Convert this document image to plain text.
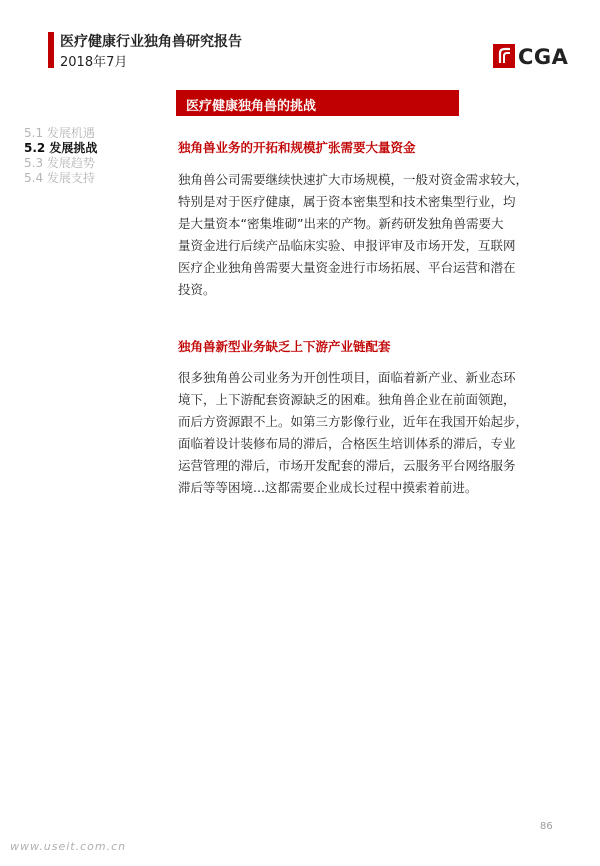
医疗健康行业独角兽研究报告
2018年7月	CGA
5.1 发展机遇
5.2 发展挑战
5.3 发展趋势
5.4 发展支持
医疗健康独角兽的挑战
独角兽业务的开拓和规模扩张需要大量资金
独角兽公司需要继续快速扩大市场规模，一般对资金需求较大，
特别是对于医疗健康，属于资本密集型和技术密集型行业，均
是大量资本“密集堆砌”出来的产物。新药研发独角兽需要大
量资金进行后续产品临床实验、申报评审及市场开发，互联网
医疗企业独角兽需要大量资金进行市场拓展、平台运营和潜在
投资。
独角兽新型业务缺乏上下游产业链配套
很多独角兽公司业务为开创性项目，面临着新产业、新业态环
境下，上下游配套资源缺乏的困难。独角兽企业在前面领跑，
而后方资源跟不上。如第三方影像行业，近年在我国开始起步，
面临着设计装修布局的滞后，合格医生培训体系的滞后，专业
运营管理的滞后，市场开发配套的滞后，云服务平台网络服务
滞后等等困境...这都需要企业成长过程中摸索着前进。
86
www.useit.com.cn
